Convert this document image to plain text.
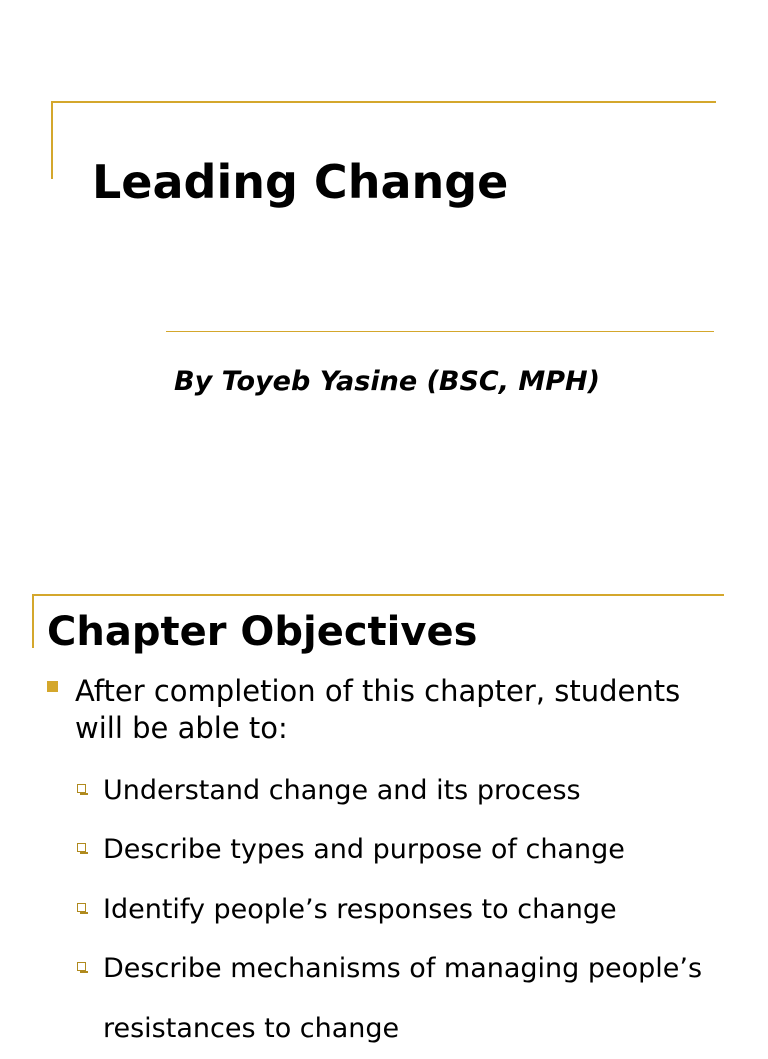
Leading Change
By Toyeb Yasine (BSC, MPH)
Chapter Objectives
After completion of this chapter, students will be able to:
Understand change and its process
Describe types and purpose of change
Identify people’s responses to change
Describe mechanisms of managing people’s resistances to change
